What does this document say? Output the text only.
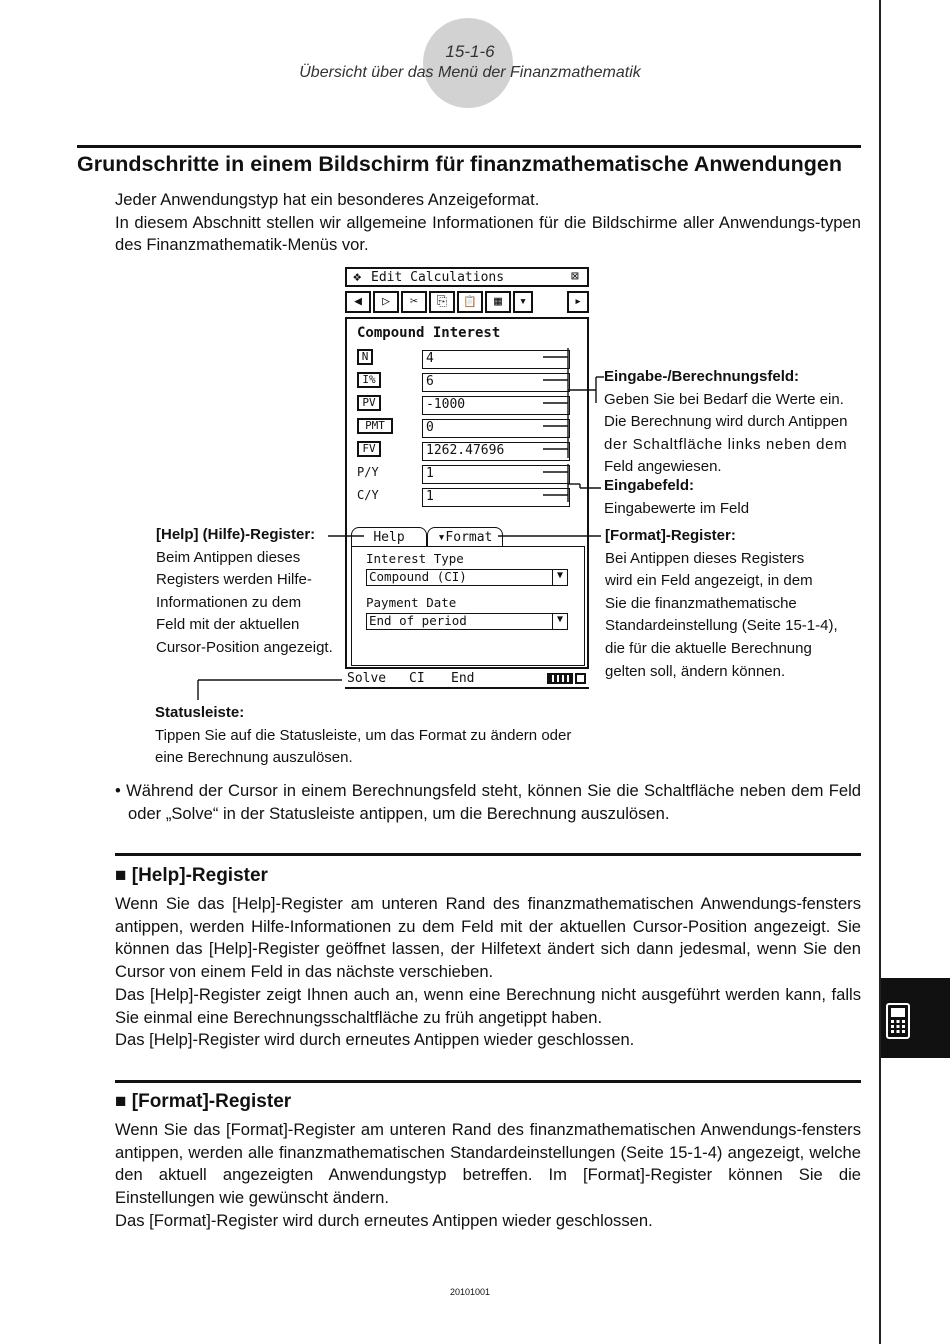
15-1-6
Übersicht über das Menü der Finanzmathematik
Grundschritte in einem Bildschirm für finanzmathematische Anwendungen

Jeder Anwendungstyp hat ein besonderes Anzeigeformat.

In diesem Abschnitt stellen wir allgemeine Informationen für die Bildschirme aller Anwendungs-typen des Finanzmathematik-Menüs vor.

❖ Edit Calculations	⊠
◀	▷	✂	⎘	📋	▦	▾	▸
Compound Interest
N	4
I%	6
PV	-1000
PMT	0
FV	1262.47696
P/Y	1
C/Y	1
Help	▾Format
Interest Type
Compound (CI)	▼
Payment Date
End of period	▼
Solve CI End
Eingabe-/Berechnungsfeld:
Geben Sie bei Bedarf die Werte ein.
Die Berechnung wird durch Antippen
der Schaltfläche links neben dem
Feld angewiesen.
Eingabefeld:
Eingabewerte im Feld
[Help] (Hilfe)-Register:
Beim Antippen dieses
Registers werden Hilfe-
Informationen zu dem
Feld mit der aktuellen
Cursor-Position angezeigt.
[Format]-Register:
Bei Antippen dieses Registers
wird ein Feld angezeigt, in dem
Sie die finanzmathematische
Standardeinstellung (Seite 15-1-4),
die für die aktuelle Berechnung
gelten soll, ändern können.
Statusleiste:
Tippen Sie auf die Statusleiste, um das Format zu ändern oder
eine Berechnung auszulösen.

• Während der Cursor in einem Berechnungsfeld steht, können Sie die Schaltfläche neben dem Feld oder „Solve“ in der Statusleiste antippen, um die Berechnung auszulösen.

■ [Help]-Register

Wenn Sie das [Help]-Register am unteren Rand des finanzmathematischen Anwendungs-fensters antippen, werden Hilfe-Informationen zu dem Feld mit der aktuellen Cursor-Position angezeigt. Sie können das [Help]-Register geöffnet lassen, der Hilfetext ändert sich dann jedesmal, wenn Sie den Cursor von einem Feld in das nächste verschieben.

Das [Help]-Register zeigt Ihnen auch an, wenn eine Berechnung nicht ausgeführt werden kann, falls Sie einmal eine Berechnungsschaltfläche zu früh angetippt haben.

Das [Help]-Register wird durch erneutes Antippen wieder geschlossen.

■ [Format]-Register

Wenn Sie das [Format]-Register am unteren Rand des finanzmathematischen Anwendungs-fensters antippen, werden alle finanzmathematischen Standardeinstellungen (Seite 15-1-4) angezeigt, welche den aktuell angezeigten Anwendungstyp betreffen. Im [Format]-Register können Sie die Einstellungen wie gewünscht ändern.

Das [Format]-Register wird durch erneutes Antippen wieder geschlossen.

20101001
